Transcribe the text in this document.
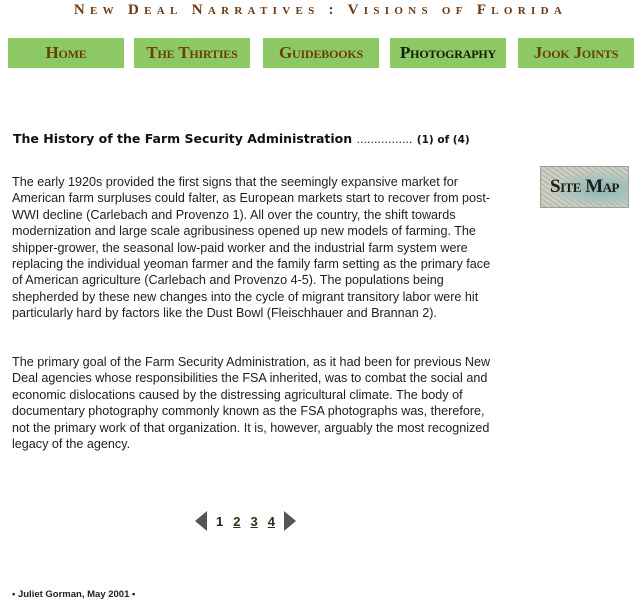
New Deal Narratives : Visions of Florida
Home	The Thirties	Guidebooks	Photography	Jook Joints
The History of the Farm Security Administration ................ (1) of (4)
Site Map
The early 1920s provided the first signs that the seemingly expansive market for American farm surpluses could falter, as European markets start to recover from post-WWI decline (Carlebach and Provenzo 1). All over the country, the shift towards modernization and large scale agribusiness opened up new models of farming. The shipper-grower, the seasonal low-paid worker and the industrial farm system were replacing the individual yeoman farmer and the family farm setting as the primary face of American agriculture (Carlebach and Provenzo 4-5). The populations being shepherded by these new changes into the cycle of migrant transitory labor were hit particularly hard by factors like the Dust Bowl (Fleischhauer and Brannan 2).
The primary goal of the Farm Security Administration, as it had been for previous New Deal agencies whose responsibilities the FSA inherited, was to combat the social and economic dislocations caused by the distressing agricultural climate. The body of documentary photography commonly known as the FSA photographs was, therefore, not the primary work of that organization. It is, however, arguably the most recognized legacy of the agency.
1 2 3 4
• Juliet Gorman, May 2001 •
